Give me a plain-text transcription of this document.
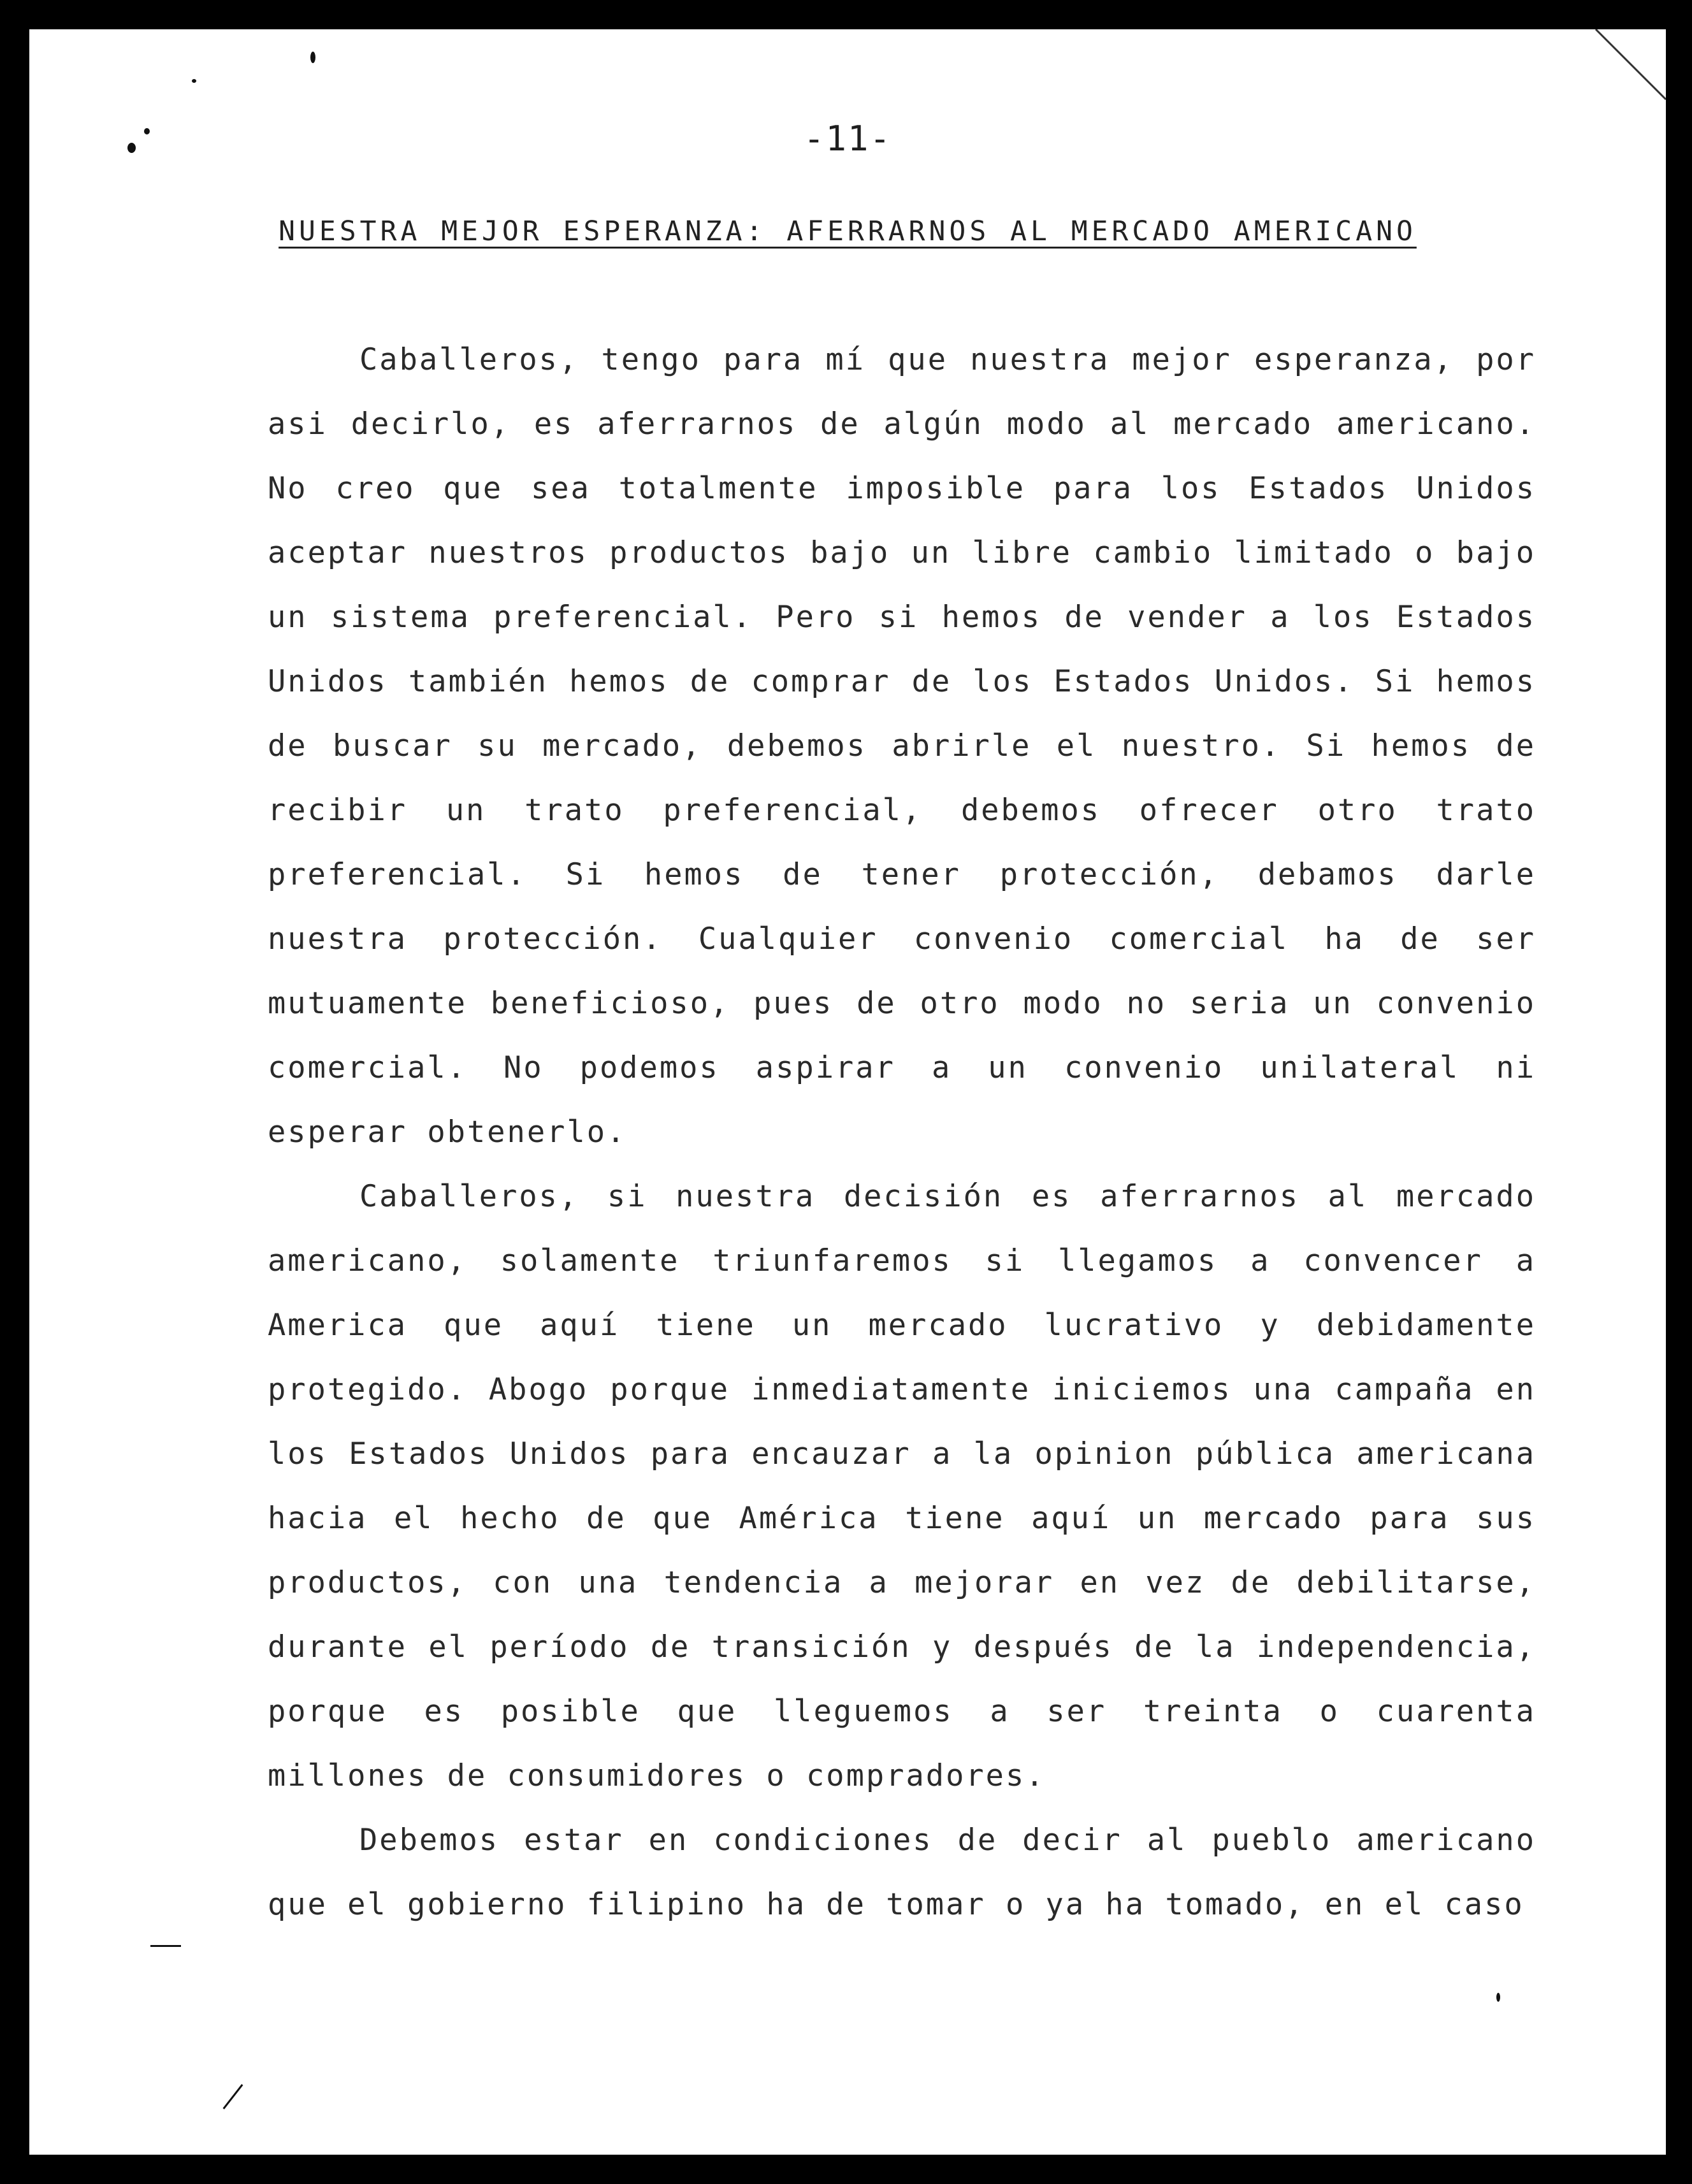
-11-
NUESTRA MEJOR ESPERANZA: AFERRARNOS AL MERCADO AMERICANO

Caballeros, tengo para mí que nuestra mejor esperanza, por asi decirlo, es aferrarnos de algún modo al mercado americano. No creo que sea totalmente imposible para los Estados Unidos aceptar nuestros productos bajo un libre cambio limitado o bajo un sistema preferencial. Pero si hemos de vender a los Estados Unidos también hemos de comprar de los Estados Unidos. Si hemos de buscar su mercado, debemos abrirle el nuestro. Si hemos de recibir un trato preferencial, debemos ofrecer otro trato preferencial. Si hemos de tener protección, debamos darle nuestra protección. Cualquier convenio comercial ha de ser mutuamente beneficioso, pues de otro modo no seria un convenio comercial. No podemos aspirar a un convenio unilateral ni esperar obtenerlo.

Caballeros, si nuestra decisión es aferrarnos al mercado americano, solamente triunfaremos si llegamos a convencer a America que aquí tiene un mercado lucrativo y debidamente protegido. Abogo porque inmediatamente iniciemos una campaña en los Estados Unidos para encauzar a la opinion pública americana hacia el hecho de que América tiene aquí un mercado para sus productos, con una tendencia a mejorar en vez de debilitarse, durante el período de transición y después de la independencia, porque es posible que lleguemos a ser treinta o cuarenta millones de consumidores o compradores.

Debemos estar en condiciones de decir al pueblo americano que el gobierno filipino ha de tomar o ya ha tomado, en el caso
